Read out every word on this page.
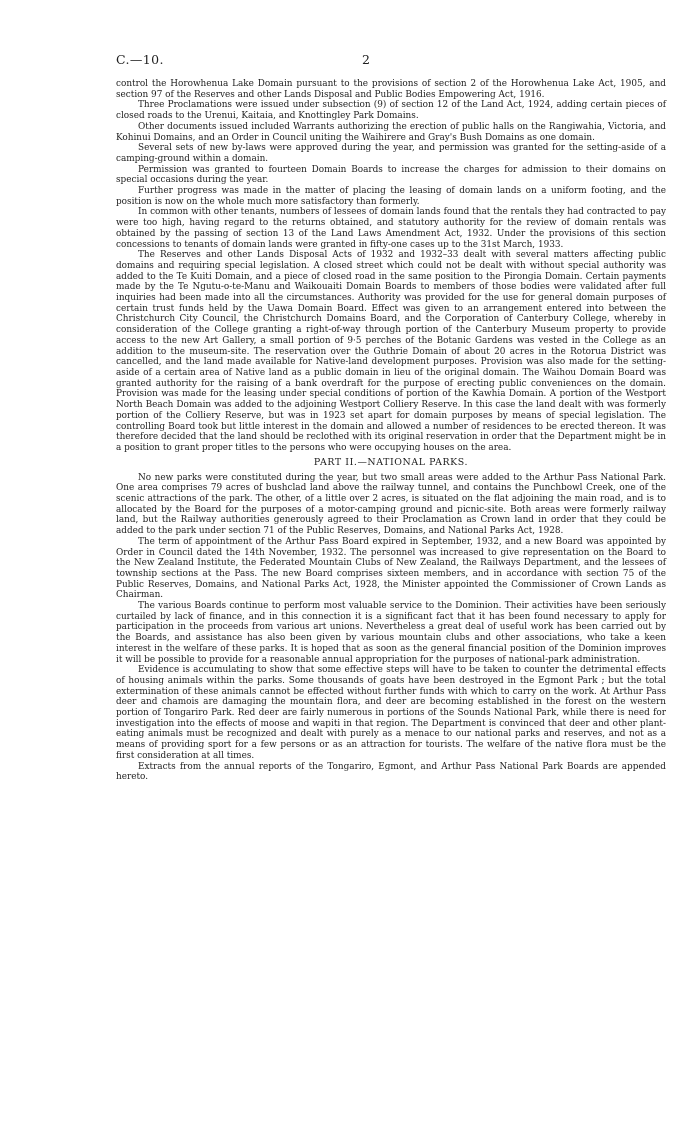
C.—10.	2

control the Horowhenua Lake Domain pursuant to the provisions of section 2 of the Horowhenua Lake Act, 1905, and section 97 of the Reserves and other Lands Disposal and Public Bodies Empowering Act, 1916.

Three Proclamations were issued under subsection (9) of section 12 of the Land Act, 1924, adding certain pieces of closed roads to the Urenui, Kaitaia, and Knottingley Park Domains.

Other documents issued included Warrants authorizing the erection of public halls on the Rangiwahia, Victoria, and Kohinui Domains, and an Order in Council uniting the Waihirere and Gray's Bush Domains as one domain.

Several sets of new by-laws were approved during the year, and permission was granted for the setting-aside of a camping-ground within a domain.

Permission was granted to fourteen Domain Boards to increase the charges for admission to their domains on special occasions during the year.

Further progress was made in the matter of placing the leasing of domain lands on a uniform footing, and the position is now on the whole much more satisfactory than formerly.

In common with other tenants, numbers of lessees of domain lands found that the rentals they had contracted to pay were too high, having regard to the returns obtained, and statutory authority for the review of domain rentals was obtained by the passing of section 13 of the Land Laws Amendment Act, 1932. Under the provisions of this section concessions to tenants of domain lands were granted in fifty-one cases up to the 31st March, 1933.

The Reserves and other Lands Disposal Acts of 1932 and 1932–33 dealt with several matters affecting public domains and requiring special legislation. A closed street which could not be dealt with without special authority was added to the Te Kuiti Domain, and a piece of closed road in the same position to the Pirongia Domain. Certain payments made by the Te Ngutu-o-te-Manu and Waikouaiti Domain Boards to members of those bodies were validated after full inquiries had been made into all the circumstances. Authority was provided for the use for general domain purposes of certain trust funds held by the Uawa Domain Board. Effect was given to an arrangement entered into between the Christchurch City Council, the Christchurch Domains Board, and the Corporation of Canterbury College, whereby in consideration of the College granting a right-of-way through portion of the Canterbury Museum property to provide access to the new Art Gallery, a small portion of 9·5 perches of the Botanic Gardens was vested in the College as an addition to the museum-site. The reservation over the Guthrie Domain of about 20 acres in the Rotorua District was cancelled, and the land made available for Native-land development purposes. Provision was also made for the setting-aside of a certain area of Native land as a public domain in lieu of the original domain. The Waihou Domain Board was granted authority for the raising of a bank overdraft for the purpose of erecting public conveniences on the domain. Provision was made for the leasing under special conditions of portion of the Kawhia Domain. A portion of the Westport North Beach Domain was added to the adjoining Westport Colliery Reserve. In this case the land dealt with was formerly portion of the Colliery Reserve, but was in 1923 set apart for domain purposes by means of special legislation. The controlling Board took but little interest in the domain and allowed a number of residences to be erected thereon. It was therefore decided that the land should be reclothed with its original reservation in order that the Department might be in a position to grant proper titles to the persons who were occupying houses on the area.

PART II.—NATIONAL PARKS.

No new parks were constituted during the year, but two small areas were added to the Arthur Pass National Park. One area comprises 79 acres of bushclad land above the railway tunnel, and contains the Punchbowl Creek, one of the scenic attractions of the park. The other, of a little over 2 acres, is situated on the flat adjoining the main road, and is to allocated by the Board for the purposes of a motor-camping ground and picnic-site. Both areas were formerly railway land, but the Railway authorities generously agreed to their Proclamation as Crown land in order that they could be added to the park under section 71 of the Public Reserves, Domains, and National Parks Act, 1928.

The term of appointment of the Arthur Pass Board expired in September, 1932, and a new Board was appointed by Order in Council dated the 14th November, 1932. The personnel was increased to give representation on the Board to the New Zealand Institute, the Federated Mountain Clubs of New Zealand, the Railways Department, and the lessees of township sections at the Pass. The new Board comprises sixteen members, and in accordance with section 75 of the Public Reserves, Domains, and National Parks Act, 1928, the Minister appointed the Commissioner of Crown Lands as Chairman.

The various Boards continue to perform most valuable service to the Dominion. Their activities have been seriously curtailed by lack of finance, and in this connection it is a significant fact that it has been found necessary to apply for participation in the proceeds from various art unions. Nevertheless a great deal of useful work has been carried out by the Boards, and assistance has also been given by various mountain clubs and other associations, who take a keen interest in the welfare of these parks. It is hoped that as soon as the general financial position of the Dominion improves it will be possible to provide for a reasonable annual appropriation for the purposes of national-park administration.

Evidence is accumulating to show that some effective steps will have to be taken to counter the detrimental effects of housing animals within the parks. Some thousands of goats have been destroyed in the Egmont Park ; but the total extermination of these animals cannot be effected without further funds with which to carry on the work. At Arthur Pass deer and chamois are damaging the mountain flora, and deer are becoming established in the forest on the western portion of Tongariro Park. Red deer are fairly numerous in portions of the Sounds National Park, while there is need for investigation into the effects of moose and wapiti in that region. The Department is convinced that deer and other plant-eating animals must be recognized and dealt with purely as a menace to our national parks and reserves, and not as a means of providing sport for a few persons or as an attraction for tourists. The welfare of the native flora must be the first consideration at all times.

Extracts from the annual reports of the Tongariro, Egmont, and Arthur Pass National Park Boards are appended hereto.
